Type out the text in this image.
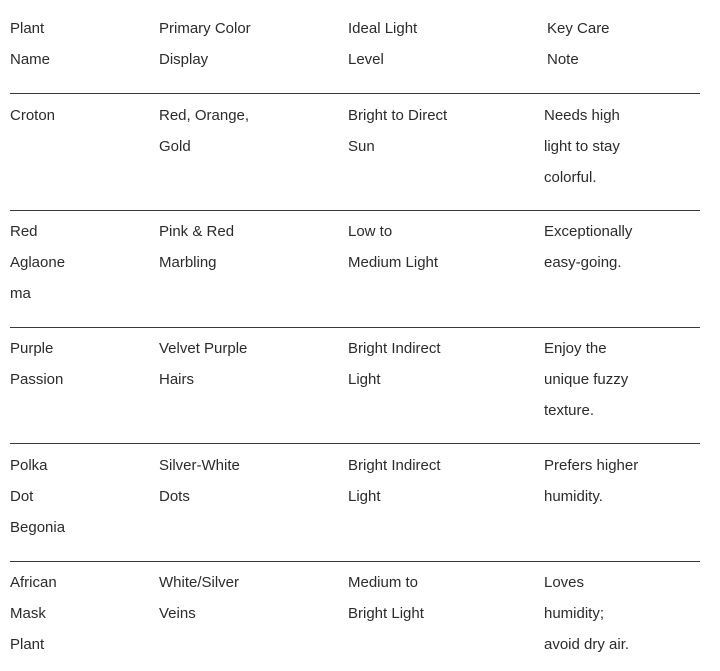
Plant
Name
Primary Color
Display
Ideal Light
Level
Key Care
Note
Croton	Red, Orange,
Gold
Bright to Direct
Sun
Needs high
light to stay
colorful.
Red
Aglaone
ma
Pink & Red
Marbling
Low to
Medium Light
Exceptionally
easy-going.
Purple
Passion
Velvet Purple
Hairs
Bright Indirect
Light
Enjoy the
unique fuzzy
texture.
Polka
Dot
Begonia
Silver-White
Dots
Bright Indirect
Light
Prefers higher
humidity.
African
Mask
Plant
White/Silver
Veins
Medium to
Bright Light
Loves
humidity;
avoid dry air.
